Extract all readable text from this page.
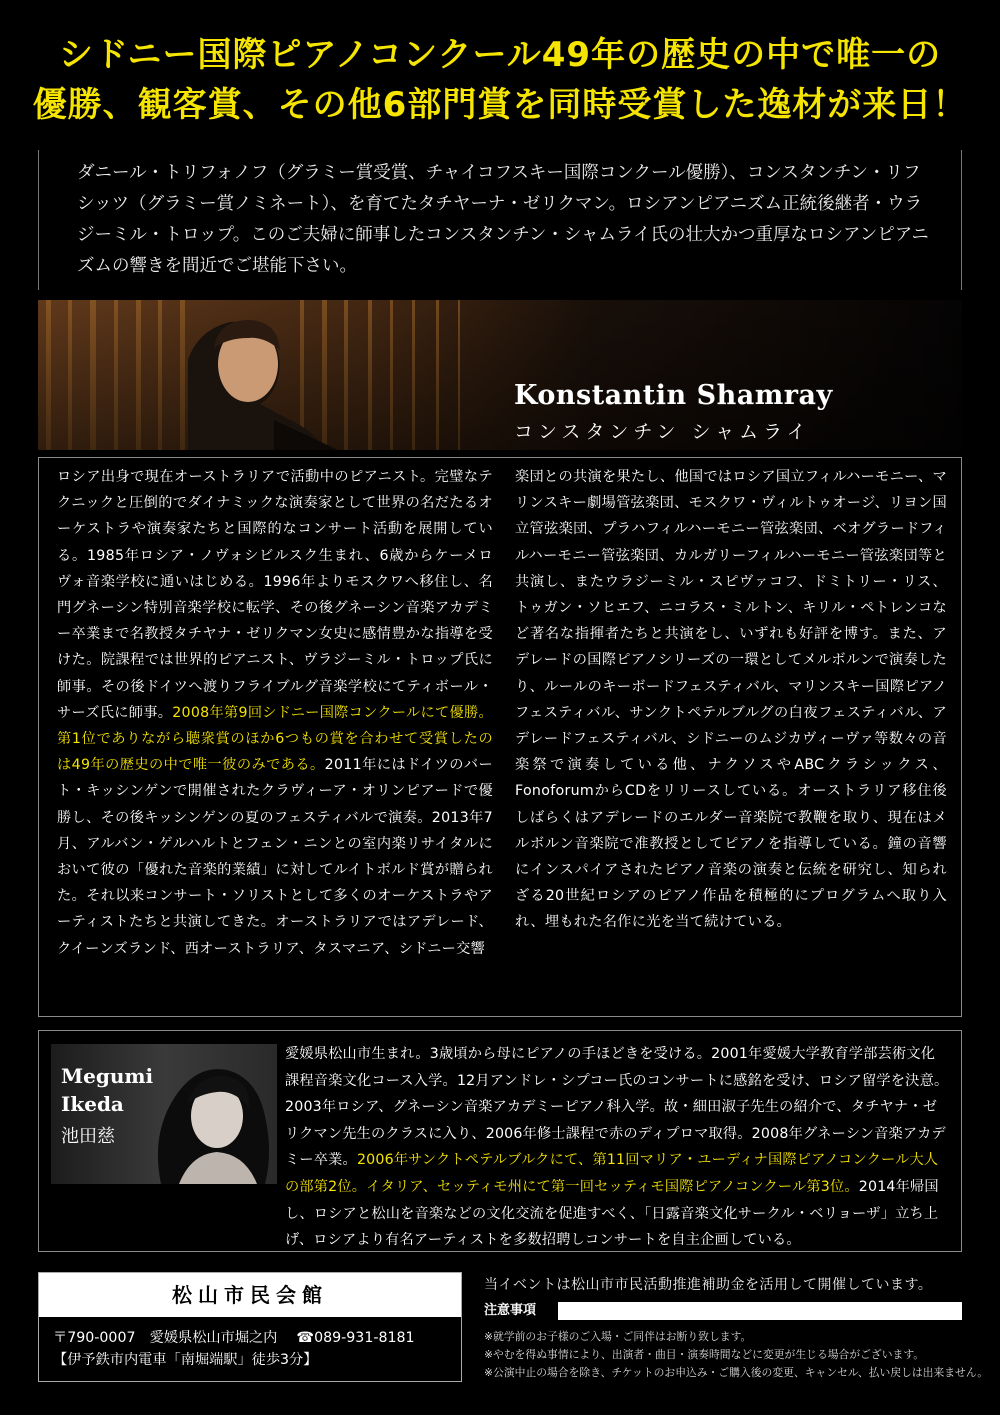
シドニー国際ピアノコンクール49年の歴史の中で唯一の
優勝、観客賞、その他6部門賞を同時受賞した逸材が来日！
ダニール・トリフォノフ（グラミー賞受賞、チャイコフスキー国際コンクール優勝）、コンスタンチン・リフシッツ（グラミー賞ノミネート）、を育てたタチヤーナ・ゼリクマン。ロシアンピアニズム正統後継者・ウラジーミル・トロップ。このご夫婦に師事したコンスタンチン・シャムライ氏の壮大かつ重厚なロシアンピアニズムの響きを間近でご堪能下さい。
Konstantin Shamray
コンスタンチン シャムライ
ロシア出身で現在オーストラリアで活動中のピアニスト。完璧なテクニックと圧倒的でダイナミックな演奏家として世界の名だたるオーケストラや演奏家たちと国際的なコンサート活動を展開している。1985年ロシア・ノヴォシビルスク生まれ、6歳からケーメロヴォ音楽学校に通いはじめる。1996年よりモスクワへ移住し、名門グネーシン特別音楽学校に転学、その後グネーシン音楽アカデミー卒業まで名教授タチヤナ・ゼリクマン女史に感情豊かな指導を受けた。院課程では世界的ピアニスト、ヴラジーミル・トロップ氏に師事。その後ドイツへ渡りフライブルグ音楽学校にてティボール・サーズ氏に師事。2008年第9回シドニー国際コンクールにて優勝。第1位でありながら聴衆賞のほか6つもの賞を合わせて受賞したのは49年の歴史の中で唯一彼のみである。2011年にはドイツのバート・キッシンゲンで開催されたクラヴィーア・オリンピアードで優勝し、その後キッシンゲンの夏のフェスティバルで演奏。2013年7月、アルバン・ゲルハルトとフェン・ニンとの室内楽リサイタルにおいて彼の「優れた音楽的業績」に対してルイトボルド賞が贈られた。それ以来コンサート・ソリストとして多くのオーケストラやアーティストたちと共演してきた。オーストラリアではアデレード、クイーンズランド、西オーストラリア、タスマニア、シドニー交響
楽団との共演を果たし、他国ではロシア国立フィルハーモニー、マリンスキー劇場管弦楽団、モスクワ・ヴィルトゥオージ、リヨン国立管弦楽団、プラハフィルハーモニー管弦楽団、ベオグラードフィルハーモニー管弦楽団、カルガリーフィルハーモニー管弦楽団等と共演し、またウラジーミル・スピヴァコフ、ドミトリー・リス、トゥガン・ソヒエフ、ニコラス・ミルトン、キリル・ペトレンコなど著名な指揮者たちと共演をし、いずれも好評を博す。また、アデレードの国際ピアノシリーズの一環としてメルボルンで演奏したり、ルールのキーボードフェスティバル、マリンスキー国際ピアノフェスティバル、サンクトペテルブルグの白夜フェスティバル、アデレードフェスティバル、シドニーのムジカヴィーヴァ等数々の音楽祭で演奏している他、ナクソスやABCクラシックス、FonoforumからCDをリリースしている。オーストラリア移住後しばらくはアデレードのエルダー音楽院で教鞭を取り、現在はメルボルン音楽院で准教授としてピアノを指導している。鐘の音響にインスパイアされたピアノ音楽の演奏と伝統を研究し、知られざる20世紀ロシアのピアノ作品を積極的にプログラムへ取り入れ、埋もれた名作に光を当て続けている。
Megumi
Ikeda
池田慈
愛媛県松山市生まれ。3歳頃から母にピアノの手ほどきを受ける。2001年愛媛大学教育学部芸術文化課程音楽文化コース入学。12月アンドレ・シプコー氏のコンサートに感銘を受け、ロシア留学を決意。2003年ロシア、グネーシン音楽アカデミーピアノ科入学。故・細田淑子先生の紹介で、タチヤナ・ゼリクマン先生のクラスに入り、2006年修士課程で赤のディプロマ取得。2008年グネーシン音楽アカデミー卒業。2006年サンクトペテルブルクにて、第11回マリア・ユーディナ国際ピアノコンクール大人の部第2位。イタリア、セッティモ州にて第一回セッティモ国際ピアノコンクール第3位。2014年帰国し、ロシアと松山を音楽などの文化交流を促進すべく、「日露音楽文化サークル・ベリョーザ」立ち上げ、ロシアより有名アーティストを多数招聘しコンサートを自主企画している。
松山市民会館
〒790-0007　愛媛県松山市堀之内 ☎089-931-8181
【伊予鉄市内電車「南堀端駅」徒歩3分】
当イベントは松山市市民活動推進補助金を活用して開催しています。
注意事項
※就学前のお子様のご入場・ご同伴はお断り致します。
※やむを得ぬ事情により、出演者・曲目・演奏時間などに変更が生じる場合がございます。
※公演中止の場合を除き、チケットのお申込み・ご購入後の変更、キャンセル、払い戻しは出来ません。
